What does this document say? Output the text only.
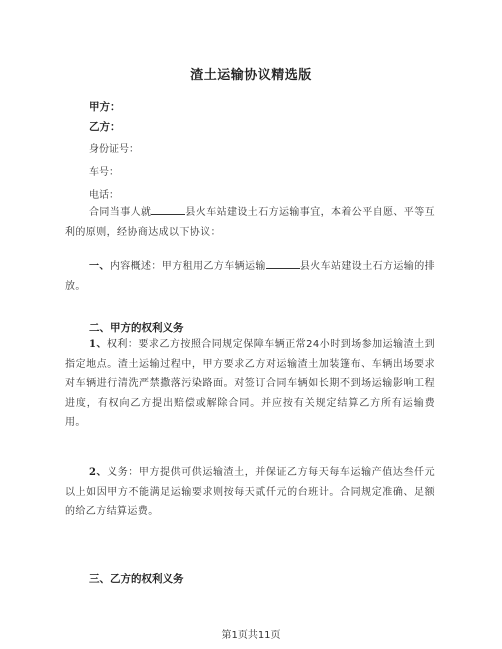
渣土运输协议精选版
甲方：
乙方：
身份证号：
车号：
电话：
合同当事人就	县火车站建设土石方运输事宜，本着公平自愿、平等互利的原则，经协商达成以下协议：
一、内容概述：甲方租用乙方车辆运输	县火车站建设土石方运输的排放。
二、甲方的权利义务
1、权利：要求乙方按照合同规定保障车辆正常24小时到场参加运输渣土到指定地点。渣土运输过程中，甲方要求乙方对运输渣土加装篷布、车辆出场要求对车辆进行清洗严禁撒落污染路面。对签订合同车辆如长期不到场运输影响工程进度，有权向乙方提出赔偿或解除合同。并应按有关规定结算乙方所有运输费用。
2、义务：甲方提供可供运输渣土，并保证乙方每天每车运输产值达叁仟元以上如因甲方不能满足运输要求则按每天贰仟元的台班计。合同规定准确、足额的给乙方结算运费。
三、乙方的权利义务
第1页共11页
